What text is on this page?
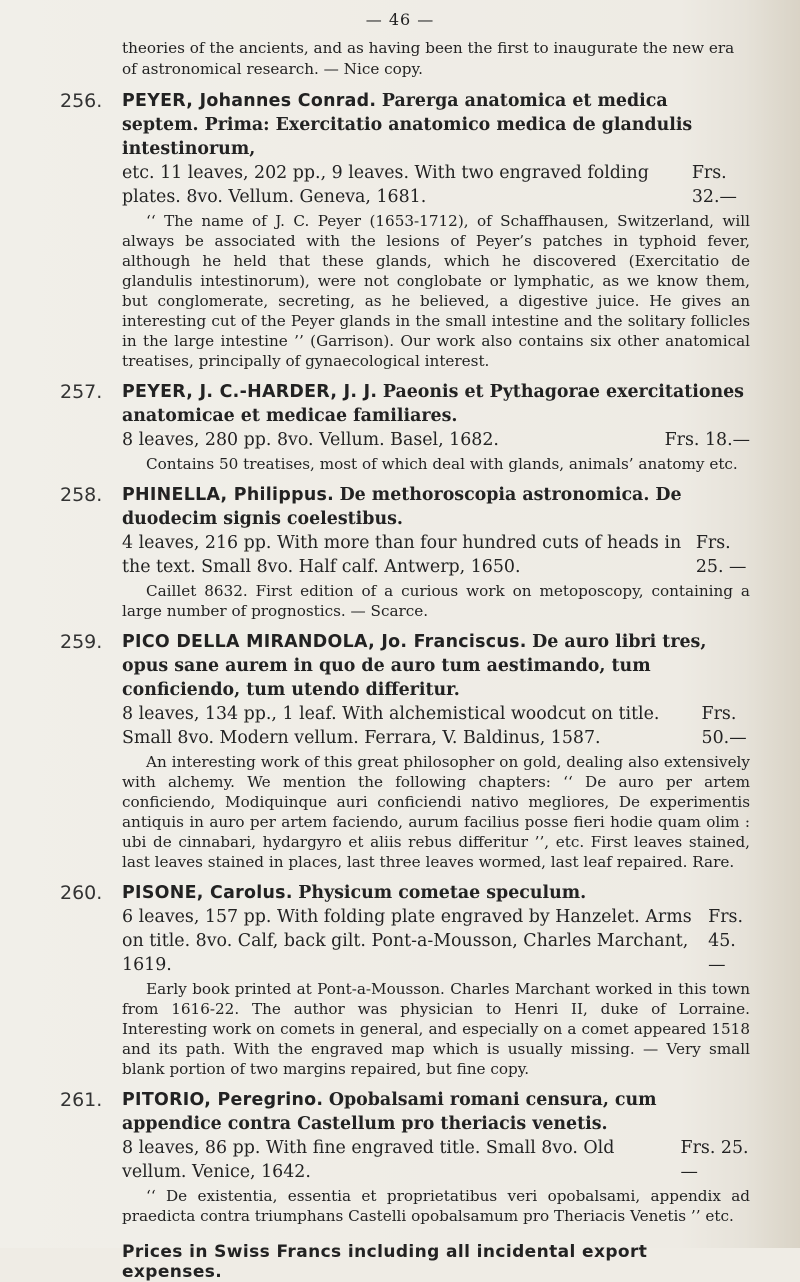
— 46 —
theories of the ancients, and as having been the first to inaugurate the new era of astronomical research. — Nice copy.
256.	PEYER, Johannes Conrad. Parerga anatomica et medica septem. Prima: Exercitatio anatomico medica de glandulis intestinorum,

etc. 11 leaves, 202 pp., 9 leaves. With two engraved folding plates. 8vo. Vellum. Geneva, 1681.
Frs. 32.—

‘‘ The name of J. C. Peyer (1653-1712), of Schaffhausen, Switzerland, will always be associated with the lesions of Peyer’s patches in typhoid fever, although he held that these glands, which he discovered (Exercitatio de glandulis intestinorum), were not conglobate or lymphatic, as we know them, but conglomerate, secreting, as he believed, a digestive juice. He gives an interesting cut of the Peyer glands in the small intestine and the solitary follicles in the large intestine ’’ (Garrison). Our work also contains six other anatomical treatises, principally of gynaecological interest.

257.	PEYER, J. C.-HARDER, J. J. Paeonis et Pythagorae exercitationes anatomicae et medicae familiares.

8 leaves, 280 pp. 8vo. Vellum. Basel, 1682.	Frs. 18.—

Contains 50 treatises, most of which deal with glands, animals’ anatomy etc.

258.	PHINELLA, Philippus. De methoroscopia astronomica. De duodecim signis coelestibus.

4 leaves, 216 pp. With more than four hundred cuts of heads in the text. Small 8vo. Half calf. Antwerp, 1650.
Frs. 25. —

Caillet 8632. First edition of a curious work on metoposcopy, containing a large number of prognostics. — Scarce.

259.	PICO DELLA MIRANDOLA, Jo. Franciscus. De auro libri tres, opus sane aurem in quo de auro tum aestimando, tum conficiendo, tum utendo differitur.

8 leaves, 134 pp., 1 leaf. With alchemistical woodcut on title. Small 8vo. Modern vellum. Ferrara, V. Baldinus, 1587.
Frs. 50.—

An interesting work of this great philosopher on gold, dealing also extensively with alchemy. We mention the following chapters: ‘‘ De auro per artem conficiendo, Modiquinque auri conficiendi nativo megliores, De experimentis antiquis in auro per artem faciendo, aurum facilius posse fieri hodie quam olim : ubi de cinnabari, hydargyro et aliis rebus differitur ’’, etc. First leaves stained, last leaves stained in places, last three leaves wormed, last leaf repaired. Rare.

260.	PISONE, Carolus. Physicum cometae speculum.

6 leaves, 157 pp. With folding plate engraved by Hanzelet. Arms on title. 8vo. Calf, back gilt. Pont-a-Mousson, Charles Marchant, 1619.
Frs. 45.—

Early book printed at Pont-a-Mousson. Charles Marchant worked in this town from 1616-22. The author was physician to Henri II, duke of Lorraine. Interesting work on comets in general, and especially on a comet appeared 1518 and its path. With the engraved map which is usually missing. — Very small blank portion of two margins repaired, but fine copy.

261.	PITORIO, Peregrino. Opobalsami romani censura, cum appendice contra Castellum pro theriacis venetis.

8 leaves, 86 pp. With fine engraved title. Small 8vo. Old vellum. Venice, 1642.
Frs. 25.—

‘‘ De existentia, essentia et proprietatibus veri opobalsami, appendix ad praedicta contra triumphans Castelli opobalsamum pro Theriacis Venetis ’’ etc.

Prices in Swiss Francs including all incidental export expenses.
